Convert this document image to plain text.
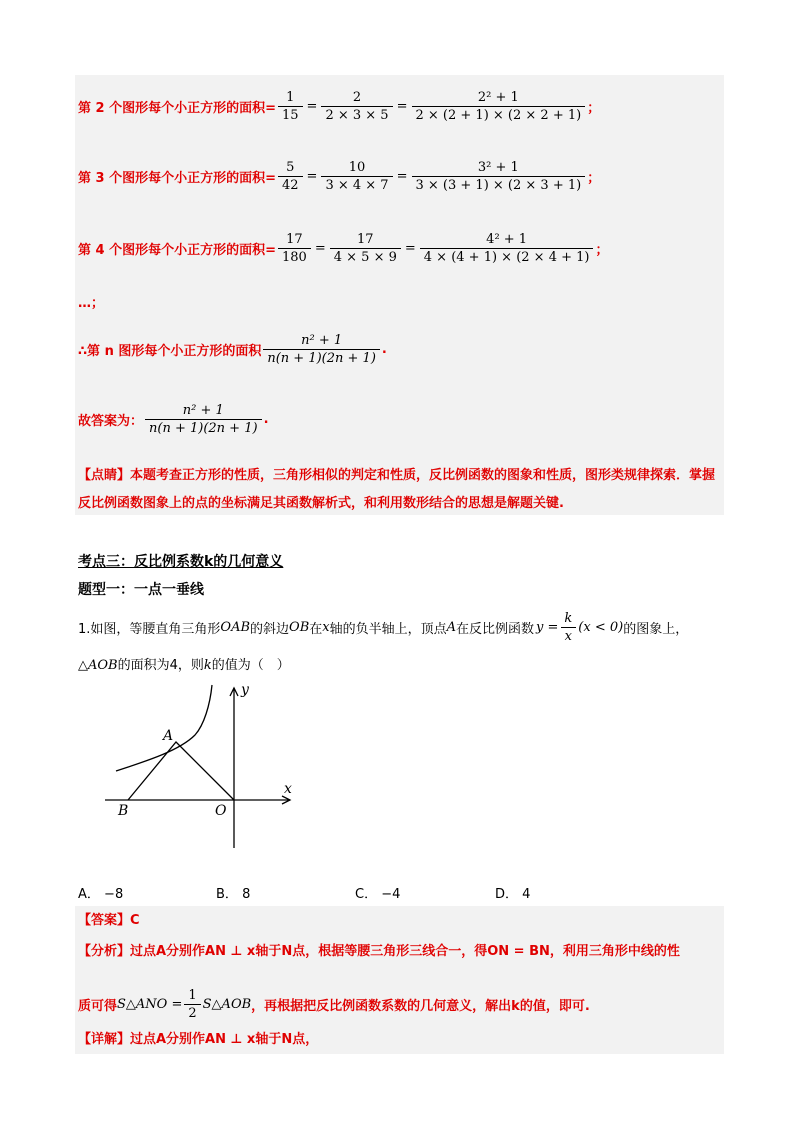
第 2 个图形每个小正方形的面积= $\frac{1}{15} = \frac{2}{2 \times 3 \times 5} = \frac{\text{2² + 1}}{2 \times (2 + 1) \times (2 \times 2 + 1)}$ ；
第 3 个图形每个小正方形的面积= $\frac{5}{42} = \frac{10}{3 \times 4 \times 7} = \frac{\text{3² + 1}}{3 \times (3 + 1) \times (2 \times 3 + 1)}$ ；
第 4 个图形每个小正方形的面积= $\frac{17}{180} = \frac{17}{4 \times 5 \times 9} = \frac{\text{4² + 1}}{4 \times (4 + 1) \times (2 \times 4 + 1)}$ ；
…；
∴第 n 图形每个小正方形的面积 $\frac{\text{n² + 1}}{n(n + 1)(2n + 1)}$ .
故答案为： $\frac{\text{n² + 1}}{n(n + 1)(2n + 1)}$ .
【点睛】本题考查正方形的性质，三角形相似的判定和性质，反比例函数的图象和性质，图形类规律探索．掌握反比例函数图象上的点的坐标满足其函数解析式，和利用数形结合的思想是解题关键.
考点三：反比例系数k的几何意义
题型一：一点一垂线
1.如图，等腰直角三角形 OAB 的斜边 OB 在 x 轴的负半轴上，顶点 A 在反比例函数 $y = \frac{k}{x} (x < 0)$ 的图象上，
△AOB的面积为4，则k的值为（　）
A
B	O
x
y
A． −8	B． 8	C． −4	D． 4
【答案】C
【分析】过点A分别作AN ⊥ x轴于N点，根据等腰三角形三线合一，得ON = BN，利用三角形中线的性
质可得 S△ANO = $\frac{1}{2}$ S△AOB ，再根据把反比例函数系数的几何意义，解出k的值，即可.
【详解】过点A分别作AN ⊥ x轴于N点，
